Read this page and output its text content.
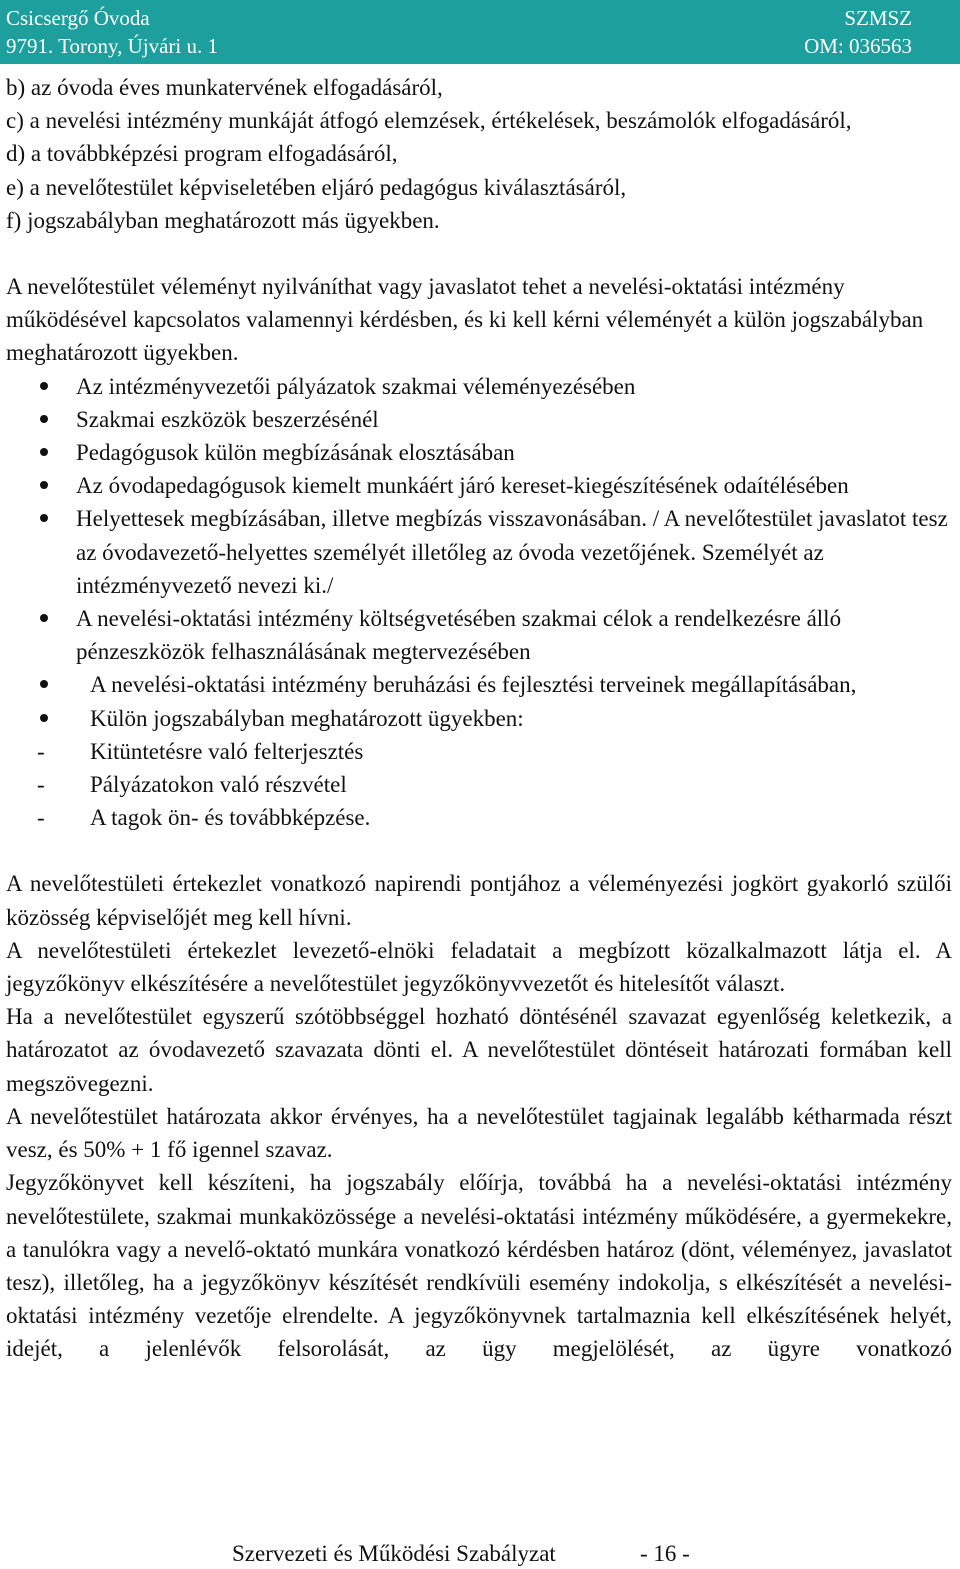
Csicsergő Óvoda
9791. Torony, Újvári u. 1
SZMSZ
OM: 036563

b) az óvoda éves munkatervének elfogadásáról,

c) a nevelési intézmény munkáját átfogó elemzések, értékelések, beszámolók elfogadásáról,

d) a továbbképzési program elfogadásáról,

e) a nevelőtestület képviseletében eljáró pedagógus kiválasztásáról,

f) jogszabályban meghatározott más ügyekben.

A nevelőtestület véleményt nyilváníthat vagy javaslatot tehet a nevelési-oktatási intézmény működésével kapcsolatos valamennyi kérdésben, és ki kell kérni véleményét a külön jogszabályban meghatározott ügyekben.

Az intézményvezetői pályázatok szakmai véleményezésében
Szakmai eszközök beszerzésénél
Pedagógusok külön megbízásának elosztásában
Az óvodapedagógusok kiemelt munkáért járó kereset-kiegészítésének odaítélésében
Helyettesek megbízásában, illetve megbízás visszavonásában. / A nevelőtestület javaslatot tesz az óvodavezető-helyettes személyét illetőleg az óvoda vezetőjének. Személyét az intézményvezető nevezi ki./
A nevelési-oktatási intézmény költségvetésében szakmai célok a rendelkezésre álló pénzeszközök felhasználásának megtervezésében
A nevelési-oktatási intézmény beruházási és fejlesztési terveinek megállapításában,
Külön jogszabályban meghatározott ügyekben:
- Kitüntetésre való felterjesztés
- Pályázatokon való részvétel
- A tagok ön- és továbbképzése.

A nevelőtestületi értekezlet vonatkozó napirendi pontjához a véleményezési jogkört gyakorló szülői közösség képviselőjét meg kell hívni.

A nevelőtestületi értekezlet levezető-elnöki feladatait a megbízott közalkalmazott látja el. A jegyzőkönyv elkészítésére a nevelőtestület jegyzőkönyvvezetőt és hitelesítőt választ.

Ha a nevelőtestület egyszerű szótöbbséggel hozható döntésénél szavazat egyenlőség keletkezik, a határozatot az óvodavezető szavazata dönti el. A nevelőtestület döntéseit határozati formában kell megszövegezni.

A nevelőtestület határozata akkor érvényes, ha a nevelőtestület tagjainak legalább kétharmada részt vesz, és 50% + 1 fő igennel szavaz.

Jegyzőkönyvet kell készíteni, ha jogszabály előírja, továbbá ha a nevelési-oktatási intézmény nevelőtestülete, szakmai munkaközössége a nevelési-oktatási intézmény működésére, a gyermekekre, a tanulókra vagy a nevelő-oktató munkára vonatkozó kérdésben határoz (dönt, véleményez, javaslatot tesz), illetőleg, ha a jegyzőkönyv készítését rendkívüli esemény indokolja, s elkészítését a nevelési-oktatási intézmény vezetője elrendelte. A jegyzőkönyvnek tartalmaznia kell elkészítésének helyét, idejét, a jelenlévők felsorolását, az ügy megjelölését, az ügyre vonatkozó

Szervezeti és Működési Szabályzat	- 16 -
